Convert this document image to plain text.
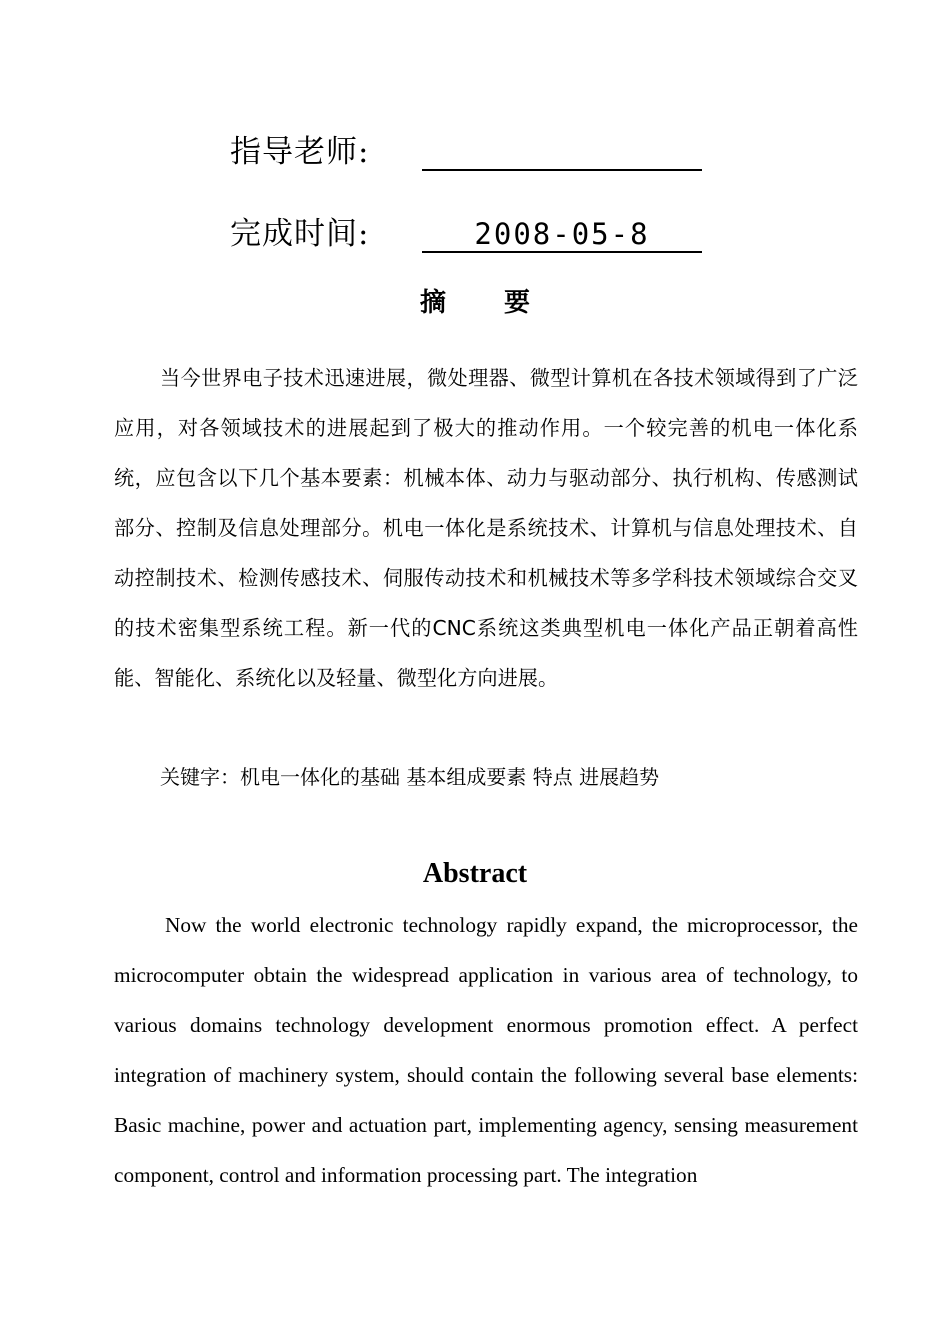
指导老师:
完成时间:	2008-05-8
摘要

当今世界电子技术迅速进展，微处理器、微型计算机在各技术领域得到了广泛应用，对各领域技术的进展起到了极大的推动作用。一个较完善的机电一体化系统，应包含以下几个基本要素：机械本体、动力与驱动部分、执行机构、传感测试部分、控制及信息处理部分。机电一体化是系统技术、计算机与信息处理技术、自动控制技术、检测传感技术、伺服传动技术和机械技术等多学科技术领域综合交叉的技术密集型系统工程。新一代的CNC系统这类典型机电一体化产品正朝着高性能、智能化、系统化以及轻量、微型化方向进展。

关键字：机电一体化的基础 基本组成要素 特点 进展趋势

Abstract

Now the world electronic technology rapidly expand, the microprocessor, the microcomputer obtain the widespread application in various area of technology, to various domains technology development enormous promotion effect. A perfect integration of machinery system, should contain the following several base elements: Basic machine, power and actuation part, implementing agency, sensing measurement component, control and information processing part. The integration
